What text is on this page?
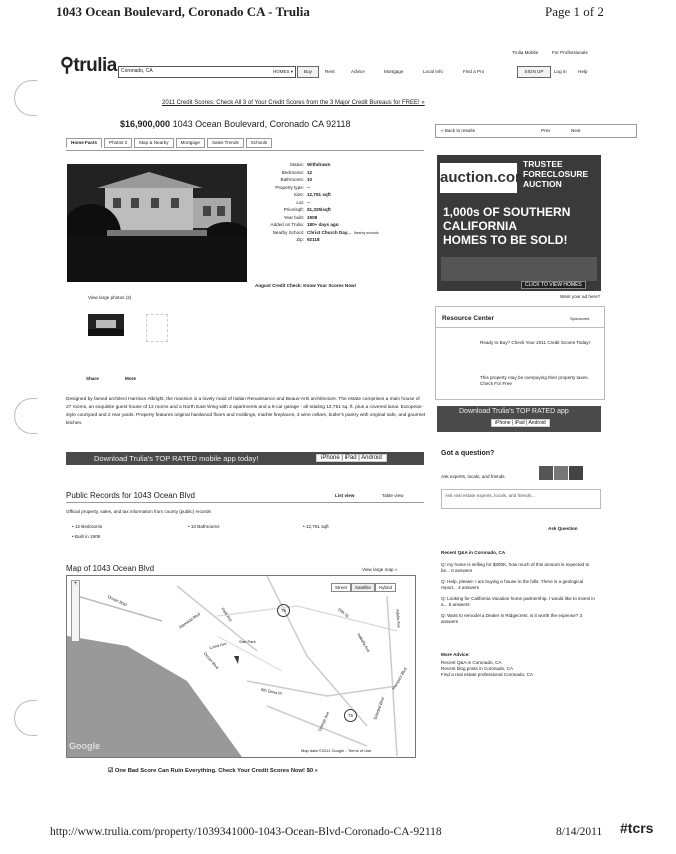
1043 Ocean Boulevard, Coronado CA - Trulia	Page 1 of 2
Trulia Mobile	For Professionals
⚲trulia Coronado, CA	HOMES ▾	Buy	Rent	Advice	Mortgage	Local Info	Find a Pro	SIGN UP	Log in Help
2011 Credit Scores: Check All 3 of Your Credit Scores from the 3 Major Credit Bureaus for FREE! »
$16,900,000 1043 Ocean Boulevard, Coronado CA 92118
« Back to results	Prev	Next
Home Facts	Photos 2	Map & Nearby	Mortgage	Sales Trends	Schools
Status: Withdrawn
Bedrooms: 12
Bathrooms: 10
Property type: --
Size: 12,751 sqft
Lot: --
Price/sqft: $1,325/sqft
Year built: 1908
Added on Trulia: 180+ days ago
Nearby School: Christ Church Day... Nearby schools
Zip: 92118
August Credit Check: Know Your Scores Now!
View large photos (2)
Share	More
Designed by famed architect Harrison Albright, the mansion is a lovely maid of Italian Renaissance and Beaux-Arts architecture. The estate comprises a main house of 27 rooms, an exquisite guest house of 12 rooms and a North East Wing with 2 apartments and a 6-car garage - all totaling 12,751 sq. ft. plus a covered lanai. European-style courtyard and 2 rear yards. Property features original hardwood floors and moldings, marble fireplaces, 3 wine cellars, butler's pantry with original safe, and gourmet kitchen.
Download Trulia's TOP RATED mobile app today!	iPhone | iPad | Android
Public Records for 1043 Ocean Blvd	List view	Table view
Official property, sales, and tax information from county (public) records
• 12 Bedrooms	• 10 Bathrooms	• 12,751 sqft
• Built in 1908
Map of 1043 Ocean Blvd	View large map »
+
Street	Satellite	Hybrid
75
75
Ocean Blvd
Alameda Blvd	Park Ave	10th St	Adella Ave
Loma Ave	Star Park
Ocean Blvd
8th Dana Pl
Orange Ave
Soledad Blvd
Prospect Blvd
Isabella Ave
Google	Map data ©2011 Google - Terms of Use
☑ One Bad Score Can Ruin Everything. Check Your Credit Scores Now! $0 »
auction.com
TRUSTEE
FORECLOSURE
AUCTION
1,000s OF SOUTHERN
CALIFORNIA
HOMES TO BE SOLD!
CLICK TO VIEW HOMES
Want your ad here?
Resource Center	Sponsored
Ready to Buy? Check Your 2011 Credit Scores Today!
This property may be overpaying their property taxes. Check For Free
Download Trulia's TOP RATED app
iPhone | iPad | Android
Got a question?
Ask experts, locals, and friends
Ask real estate experts, locals, and friends...
Ask Question
Recent Q&A in Coronado, CA
Q: my home is selling for $300K, how much of this amount is expected to be... 0 answers
Q: Help, please: I am buying a house in the hills. There is a geological report... 4 answers
Q: Looking for California Vacation home partnership. I would like to invest in a... 8 answers
Q: Want to remodel a Dealer in Ridgecrest, is it worth the expense? 3 answers
More Advice:
Recent Q&A in Coronado, CA
Recent blog posts in Coronado, CA
Find a real estate professional Coronado, CA
http://www.trulia.com/property/1039341000-1043-Ocean-Blvd-Coronado-CA-92118	8/14/2011 #tcrs
